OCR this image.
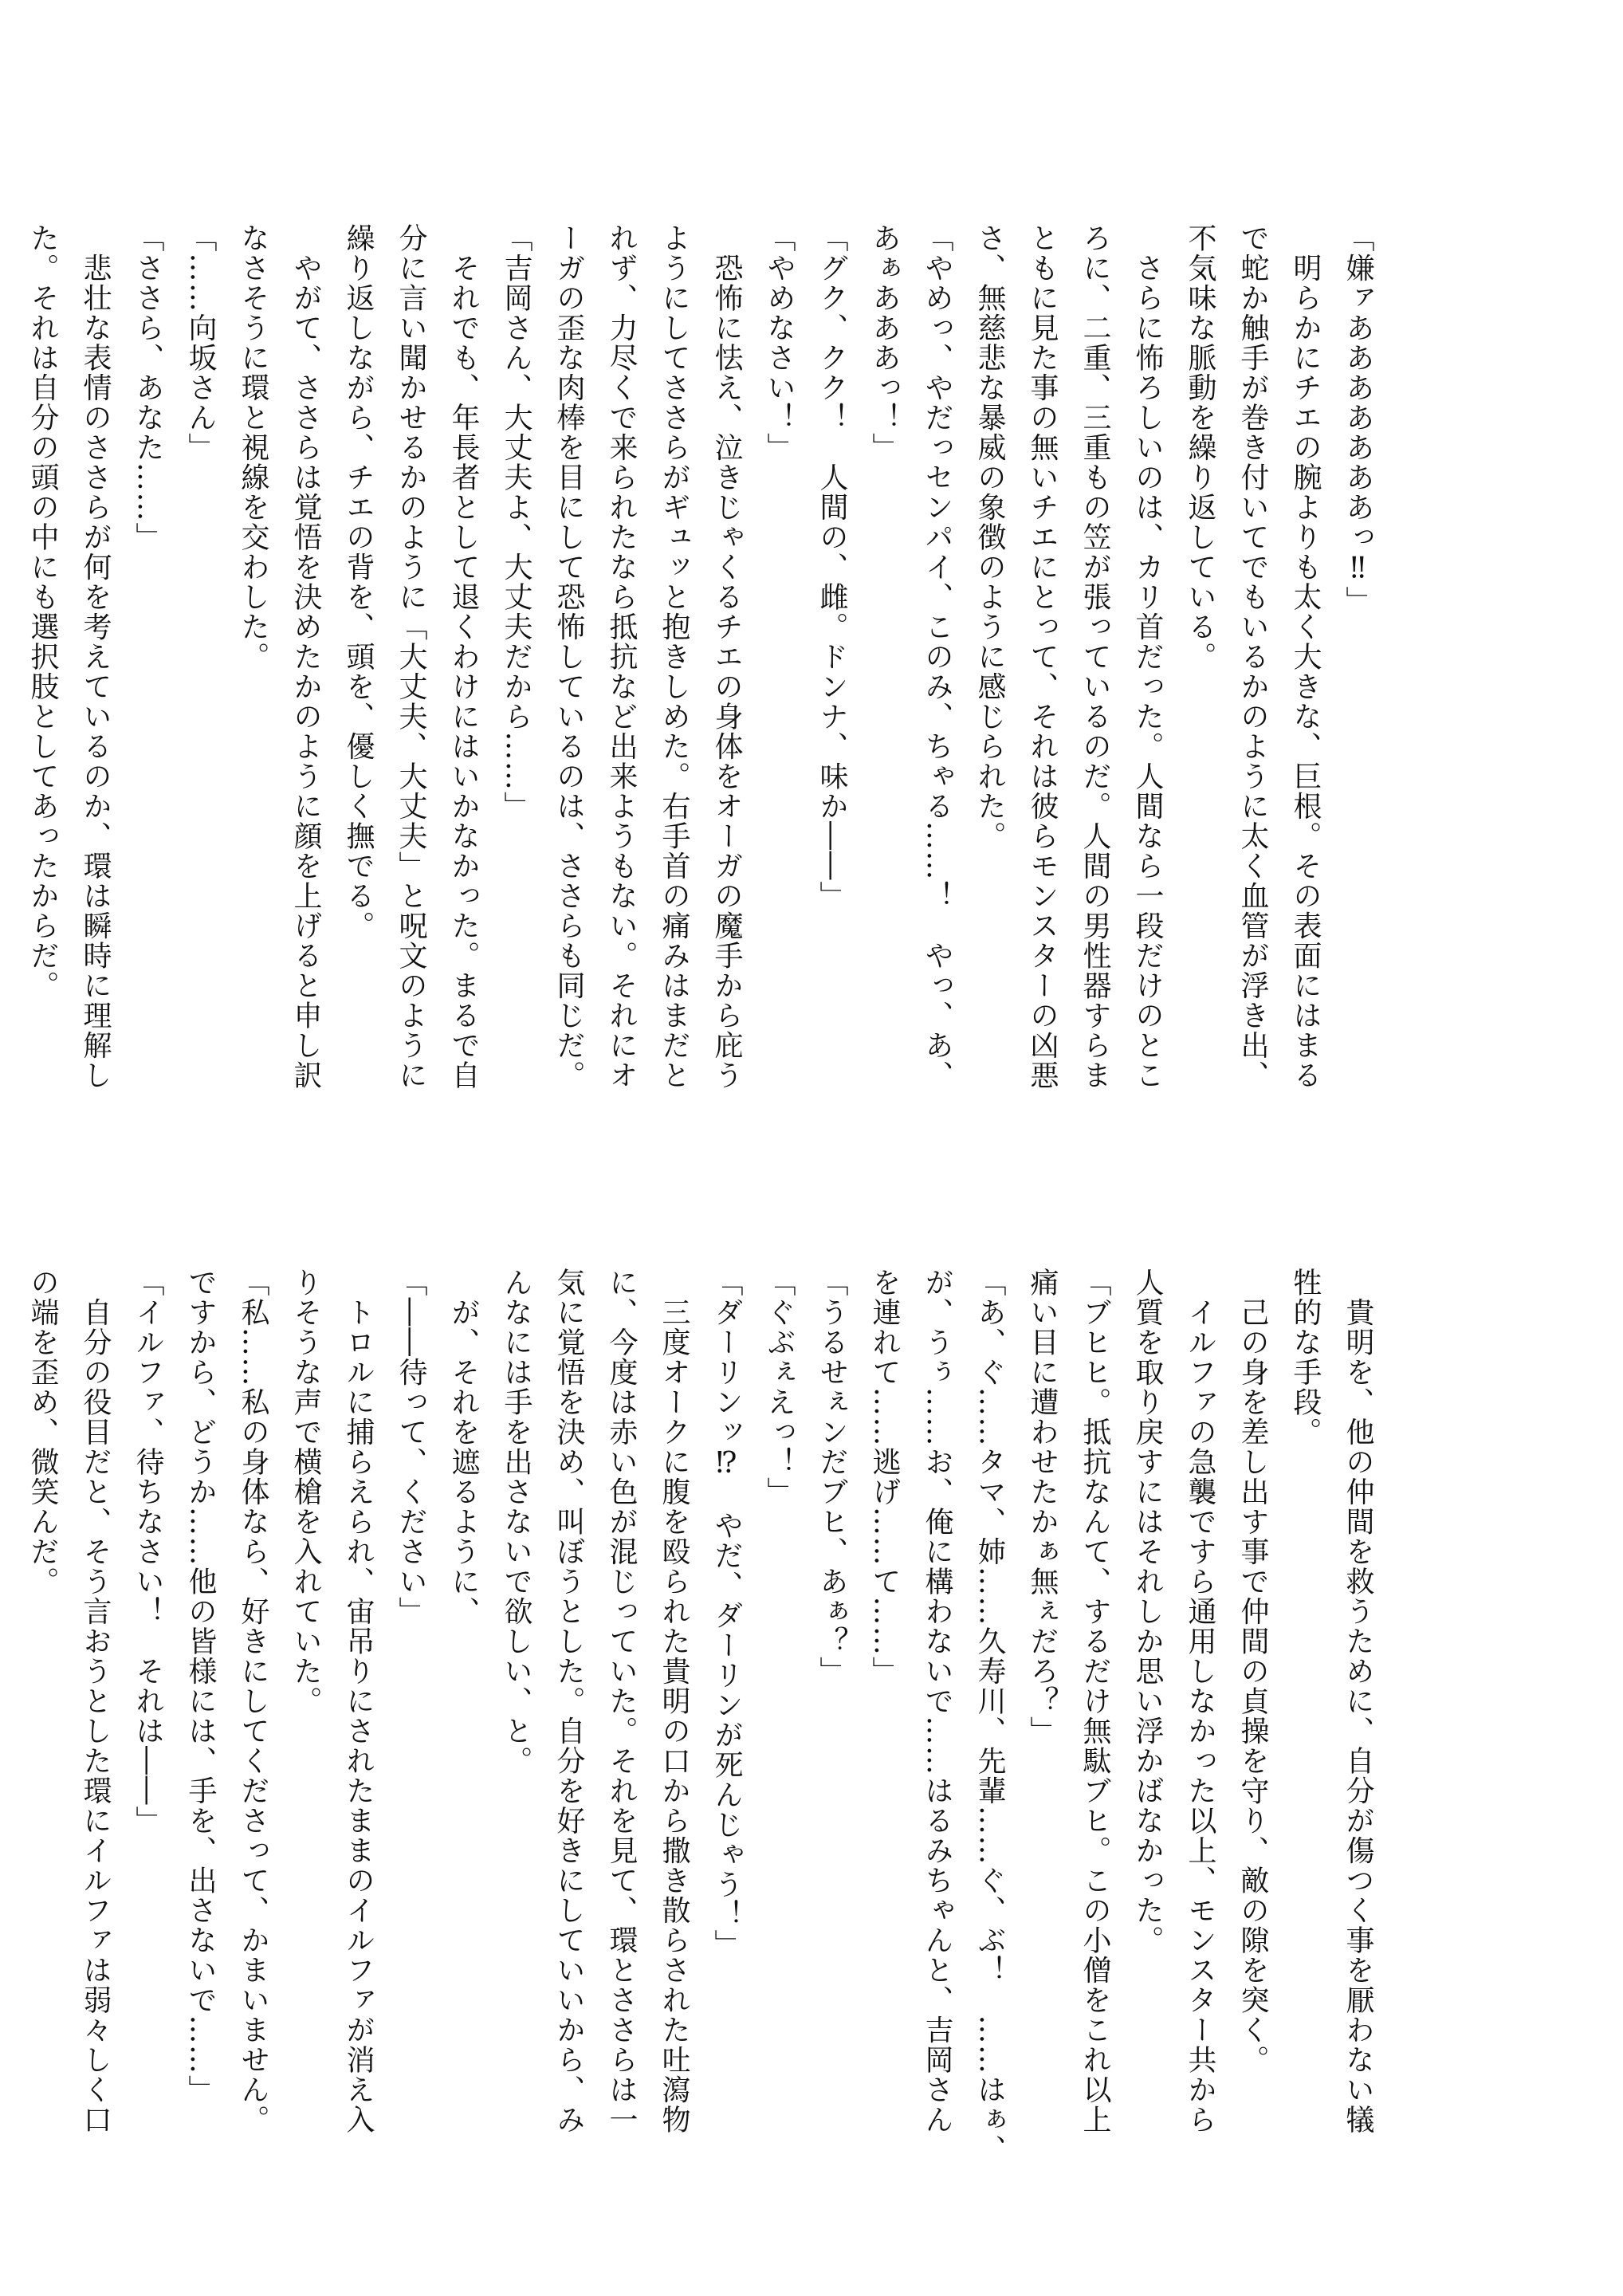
「嫌ァあああああああっ‼」
　明らかにチエの腕よりも太く大きな、巨根。その表面にはまる
で蛇か触手が巻き付いてでもいるかのように太く血管が浮き出、
不気味な脈動を繰り返している。
　さらに怖ろしいのは、カリ首だった。人間なら一段だけのとこ
ろに、二重、三重もの笠が張っているのだ。人間の男性器すらま
ともに見た事の無いチエにとって、それは彼らモンスターの凶悪
さ、無慈悲な暴威の象徴のように感じられた。
「やめっ、やだっセンパイ、このみ、ちゃる……！　やっ、あ、
あぁあああっ！」
「グク、クク！　人間の、雌。ドンナ、味か――」
「やめなさい！」
　恐怖に怯え、泣きじゃくるチエの身体をオーガの魔手から庇う
ようにしてささらがギュッと抱きしめた。右手首の痛みはまだと
れず、力尽くで来られたなら抵抗など出来ようもない。それにオ
ーガの歪な肉棒を目にして恐怖しているのは、ささらも同じだ。
「吉岡さん、大丈夫よ、大丈夫だから……」
　それでも、年長者として退くわけにはいかなかった。まるで自
分に言い聞かせるかのように「大丈夫、大丈夫」と呪文のように
繰り返しながら、チエの背を、頭を、優しく撫でる。
　やがて、ささらは覚悟を決めたかのように顔を上げると申し訳
なさそうに環と視線を交わした。
「……向坂さん」
「ささら、あなた……」
　悲壮な表情のささらが何を考えているのか、環は瞬時に理解し
た。それは自分の頭の中にも選択肢としてあったからだ。
　貴明を、他の仲間を救うために、自分が傷つく事を厭わない犠
牲的な手段。
　己の身を差し出す事で仲間の貞操を守り、敵の隙を突く。
　イルファの急襲ですら通用しなかった以上、モンスター共から
人質を取り戻すにはそれしか思い浮かばなかった。
「ブヒヒ。抵抗なんて、するだけ無駄ブヒ。この小僧をこれ以上
痛い目に遭わせたかぁ無ぇだろ？」
「あ、ぐ……タマ、姉……久寿川、先輩……ぐ、ぶ！　……はぁ、
が、うぅ……お、俺に構わないで……はるみちゃんと、吉岡さん
を連れて……逃げ……て……」
「うるせぇンだブヒ、あぁ？」
「ぐぶぇえっ！」
「ダーリンッ⁉　やだ、ダーリンが死んじゃう！」
　三度オークに腹を殴られた貴明の口から撒き散らされた吐瀉物
に、今度は赤い色が混じっていた。それを見て、環とささらは一
気に覚悟を決め、叫ぼうとした。自分を好きにしていいから、み
んなには手を出さないで欲しい、と。
　が、それを遮るように、
「――待って、ください」
　トロルに捕らえられ、宙吊りにされたままのイルファが消え入
りそうな声で横槍を入れていた。
「私……私の身体なら、好きにしてくださって、かまいません。
ですから、どうか……他の皆様には、手を、出さないで……」
「イルファ、待ちなさい！　それは――」
　自分の役目だと、そう言おうとした環にイルファは弱々しく口
の端を歪め、微笑んだ。
